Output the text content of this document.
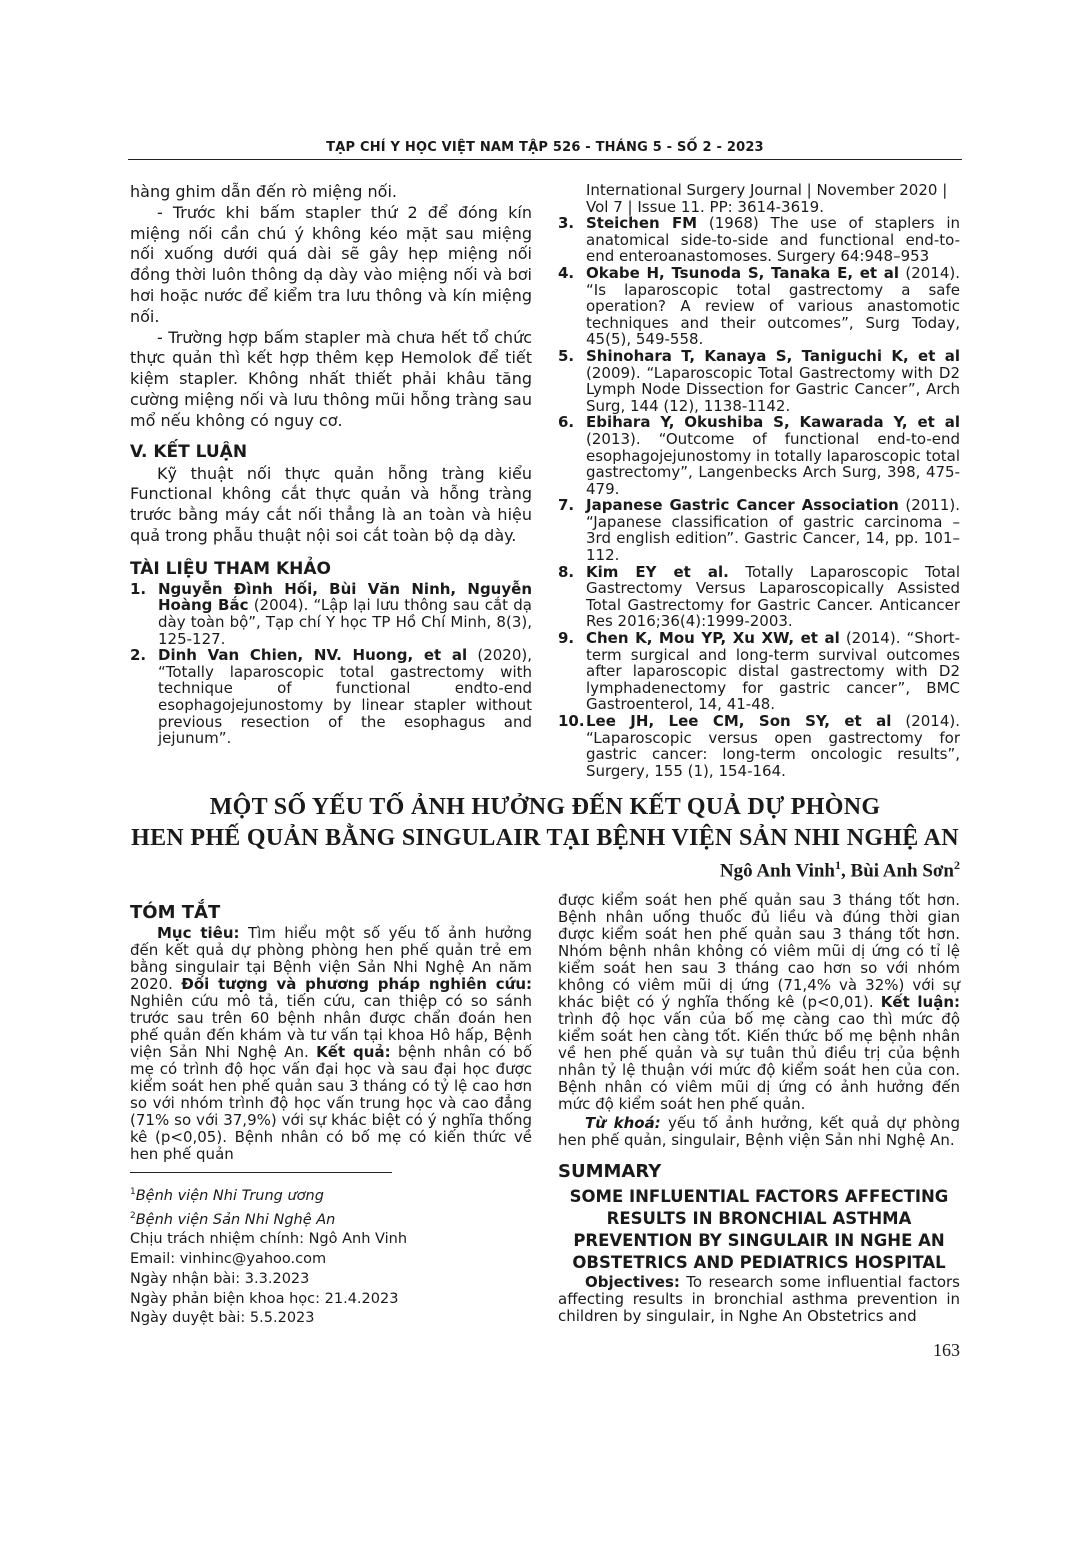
TẠP CHÍ Y HỌC VIỆT NAM TẬP 526 - THÁNG 5 - SỐ 2 - 2023

hàng ghim dẫn đến rò miệng nối.

- Trước khi bấm stapler thứ 2 để đóng kín miệng nối cần chú ý không kéo mặt sau miệng nối xuống dưới quá dài sẽ gây hẹp miệng nối đồng thời luôn thông dạ dày vào miệng nối và bơi hơi hoặc nước để kiểm tra lưu thông và kín miệng nối.

- Trường hợp bấm stapler mà chưa hết tổ chức thực quản thì kết hợp thêm kẹp Hemolok để tiết kiệm stapler. Không nhất thiết phải khâu tăng cường miệng nối và lưu thông mũi hỗng tràng sau mổ nếu không có nguy cơ.

V. KẾT LUẬN

Kỹ thuật nối thực quản hỗng tràng kiểu Functional không cắt thực quản và hỗng tràng trước bằng máy cắt nối thẳng là an toàn và hiệu quả trong phẫu thuật nội soi cắt toàn bộ dạ dày.

TÀI LIỆU THAM KHẢO
1. Nguyễn Đình Hối, Bùi Văn Ninh, Nguyễn Hoàng Bắc (2004). “Lập lại lưu thông sau cắt dạ dày toàn bộ”, Tạp chí Y học TP Hồ Chí Minh, 8(3), 125-127.
2. Dinh Van Chien, NV. Huong, et al (2020), “Totally laparoscopic total gastrectomy with technique of functional endto-end esophagojejunostomy by linear stapler without previous resection of the esophagus and jejunum”.

International Surgery Journal | November 2020 | Vol 7 | Issue 11. PP: 3614-3619.

3. Steichen FM (1968) The use of staplers in anatomical side-to-side and functional end-to-end enteroanastomoses. Surgery 64:948–953
4. Okabe H, Tsunoda S, Tanaka E, et al (2014). “Is laparoscopic total gastrectomy a safe operation? A review of various anastomotic techniques and their outcomes”, Surg Today, 45(5), 549-558.
5. Shinohara T, Kanaya S, Taniguchi K, et al (2009). “Laparoscopic Total Gastrectomy with D2 Lymph Node Dissection for Gastric Cancer”, Arch Surg, 144 (12), 1138-1142.
6. Ebihara Y, Okushiba S, Kawarada Y, et al (2013). “Outcome of functional end-to-end esophagojejunostomy in totally laparoscopic total gastrectomy”, Langenbecks Arch Surg, 398, 475-479.
7. Japanese Gastric Cancer Association (2011). “Japanese classification of gastric carcinoma – 3rd english edition”. Gastric Cancer, 14, pp. 101–112.
8. Kim EY et al. Totally Laparoscopic Total Gastrectomy Versus Laparoscopically Assisted Total Gastrectomy for Gastric Cancer. Anticancer Res 2016;36(4):1999-2003.
9. Chen K, Mou YP, Xu XW, et al (2014). “Short-term surgical and long-term survival outcomes after laparoscopic distal gastrectomy with D2 lymphadenectomy for gastric cancer”, BMC Gastroenterol, 14, 41-48.
10. Lee JH, Lee CM, Son SY, et al (2014). “Laparoscopic versus open gastrectomy for gastric cancer: long-term oncologic results”, Surgery, 155 (1), 154-164.
MỘT SỐ YẾU TỐ ẢNH HƯỞNG ĐẾN KẾT QUẢ DỰ PHÒNG
HEN PHẾ QUẢN BẰNG SINGULAIR TẠI BỆNH VIỆN SẢN NHI NGHỆ AN
Ngô Anh Vinh$^1$, Bùi Anh Sơn$^2$
TÓM TẮT

Mục tiêu: Tìm hiểu một số yếu tố ảnh hưởng đến kết quả dự phòng phòng hen phế quản trẻ em bằng singulair tại Bệnh viện Sản Nhi Nghệ An năm 2020. Đối tượng và phương pháp nghiên cứu: Nghiên cứu mô tả, tiến cứu, can thiệp có so sánh trước sau trên 60 bệnh nhân được chẩn đoán hen phế quản đến khám và tư vấn tại khoa Hô hấp, Bệnh viện Sản Nhi Nghệ An. Kết quả: bệnh nhân có bố mẹ có trình độ học vấn đại học và sau đại học được kiểm soát hen phế quản sau 3 tháng có tỷ lệ cao hơn so với nhóm trình độ học vấn trung học và cao đẳng (71% so với 37,9%) với sự khác biệt có ý nghĩa thống kê (p<0,05). Bệnh nhân có bố mẹ có kiến thức về hen phế quản

$^1$Bệnh viện Nhi Trung ương
$^2$Bệnh viện Sản Nhi Nghệ An
Chịu trách nhiệm chính: Ngô Anh Vinh
Email: vinhinc@yahoo.com
Ngày nhận bài: 3.3.2023
Ngày phản biện khoa học: 21.4.2023
Ngày duyệt bài: 5.5.2023

được kiểm soát hen phế quản sau 3 tháng tốt hơn. Bệnh nhân uống thuốc đủ liều và đúng thời gian được kiểm soát hen phế quản sau 3 tháng tốt hơn. Nhóm bệnh nhân không có viêm mũi dị ứng có tỉ lệ kiểm soát hen sau 3 tháng cao hơn so với nhóm không có viêm mũi dị ứng (71,4% và 32%) với sự khác biệt có ý nghĩa thống kê (p<0,01). Kết luận: trình độ học vấn của bố mẹ càng cao thì mức độ kiểm soát hen càng tốt. Kiến thức bố mẹ bệnh nhân về hen phế quản và sự tuân thủ điều trị của bệnh nhân tỷ lệ thuận với mức độ kiểm soát hen của con. Bệnh nhân có viêm mũi dị ứng có ảnh hưởng đến mức độ kiểm soát hen phế quản.

Từ khoá: yếu tố ảnh hưởng, kết quả dự phòng hen phế quản, singulair, Bệnh viện Sản nhi Nghệ An.

SUMMARY
SOME INFLUENTIAL FACTORS AFFECTING
RESULTS IN BRONCHIAL ASTHMA
PREVENTION BY SINGULAIR IN NGHE AN
OBSTETRICS AND PEDIATRICS HOSPITAL

Objectives: To research some influential factors affecting results in bronchial asthma prevention in children by singulair, in Nghe An Obstetrics and

163
